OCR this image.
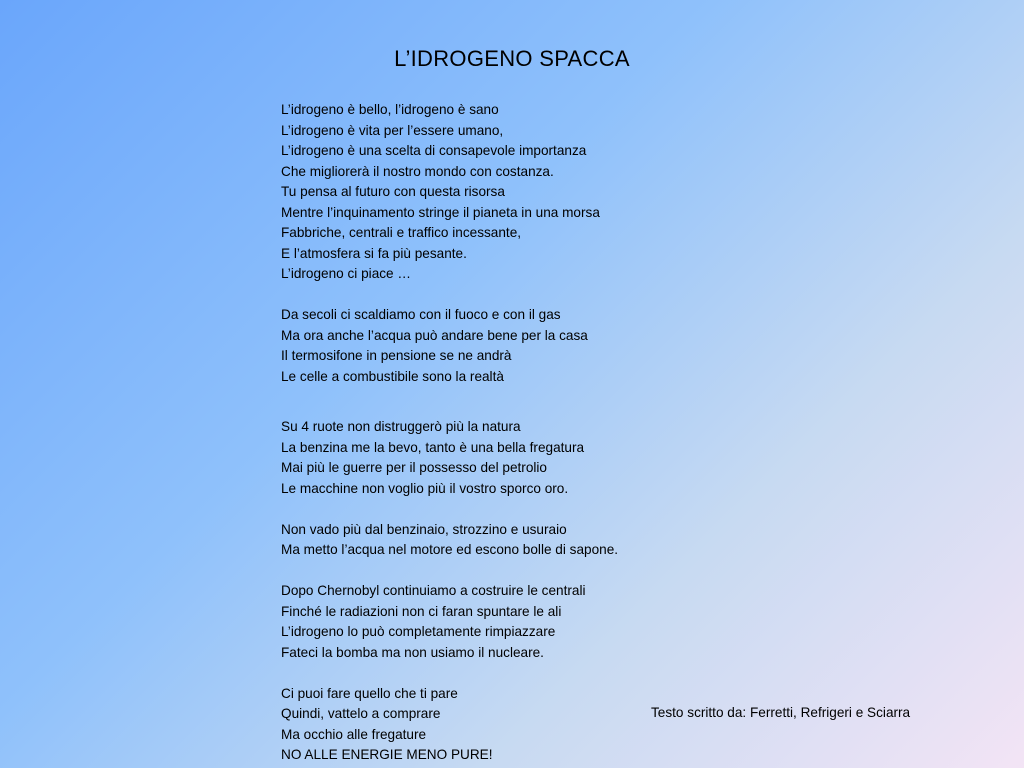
L’IDROGENO SPACCA
L’idrogeno è bello, l’idrogeno è sano
L’idrogeno è vita per l’essere umano,
L’idrogeno è una scelta di consapevole importanza
Che migliorerà il nostro mondo con costanza.
Tu pensa al futuro con questa risorsa
Mentre l’inquinamento stringe il pianeta in una morsa
Fabbriche, centrali e traffico incessante,
E l’atmosfera si fa più pesante.
L’idrogeno ci piace …
Da secoli ci scaldiamo con il fuoco e con il gas
Ma ora anche l’acqua può andare bene per la casa
Il termosifone in pensione se ne andrà
Le celle a combustibile sono la realtà
Su 4 ruote non distruggerò più la natura
La benzina me la bevo, tanto è una bella fregatura
Mai più le guerre per il possesso del petrolio
Le macchine non voglio più il vostro sporco oro.
Non vado più dal benzinaio, strozzino e usuraio
Ma metto l’acqua nel motore ed escono bolle di sapone.
Dopo Chernobyl continuiamo a costruire le centrali
Finché le radiazioni non ci faran spuntare le ali
L’idrogeno lo può completamente rimpiazzare
Fateci la bomba ma non usiamo il nucleare.
Ci puoi fare quello che ti pare
Quindi, vattelo a comprare
Ma occhio alle fregature
NO ALLE ENERGIE MENO PURE!
Testo scritto da: Ferretti, Refrigeri e Sciarra
